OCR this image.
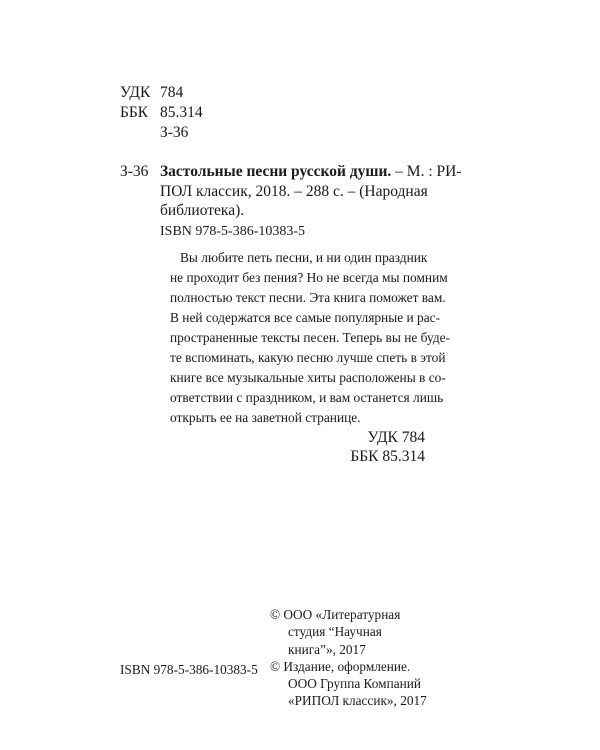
УДК 784
ББК 85.314
З-36
З-36 Застольные песни русской души. – М. : РИ-
ПОЛ классик, 2018. – 288 с. – (Народная
библиотека).
ISBN 978-5-386-10383-5
Вы любите петь песни, и ни один праздник
не проходит без пения? Но не всегда мы помним
полностью текст песни. Эта книга поможет вам.
В ней содержатся все самые популярные и рас-
пространенные тексты песен. Теперь вы не буде-
те вспоминать, какую песню лучше спеть в этой
книге все музыкальные хиты расположены в со-
ответствии с праздником, и вам останется лишь
открыть ее на заветной странице.
УДК 784
ББК 85.314
ISBN 978-5-386-10383-5
© ООО «Литературная
студия “Научная
книга”», 2017
© Издание, оформление.
ООО Группа Компаний
«РИПОЛ классик», 2017
